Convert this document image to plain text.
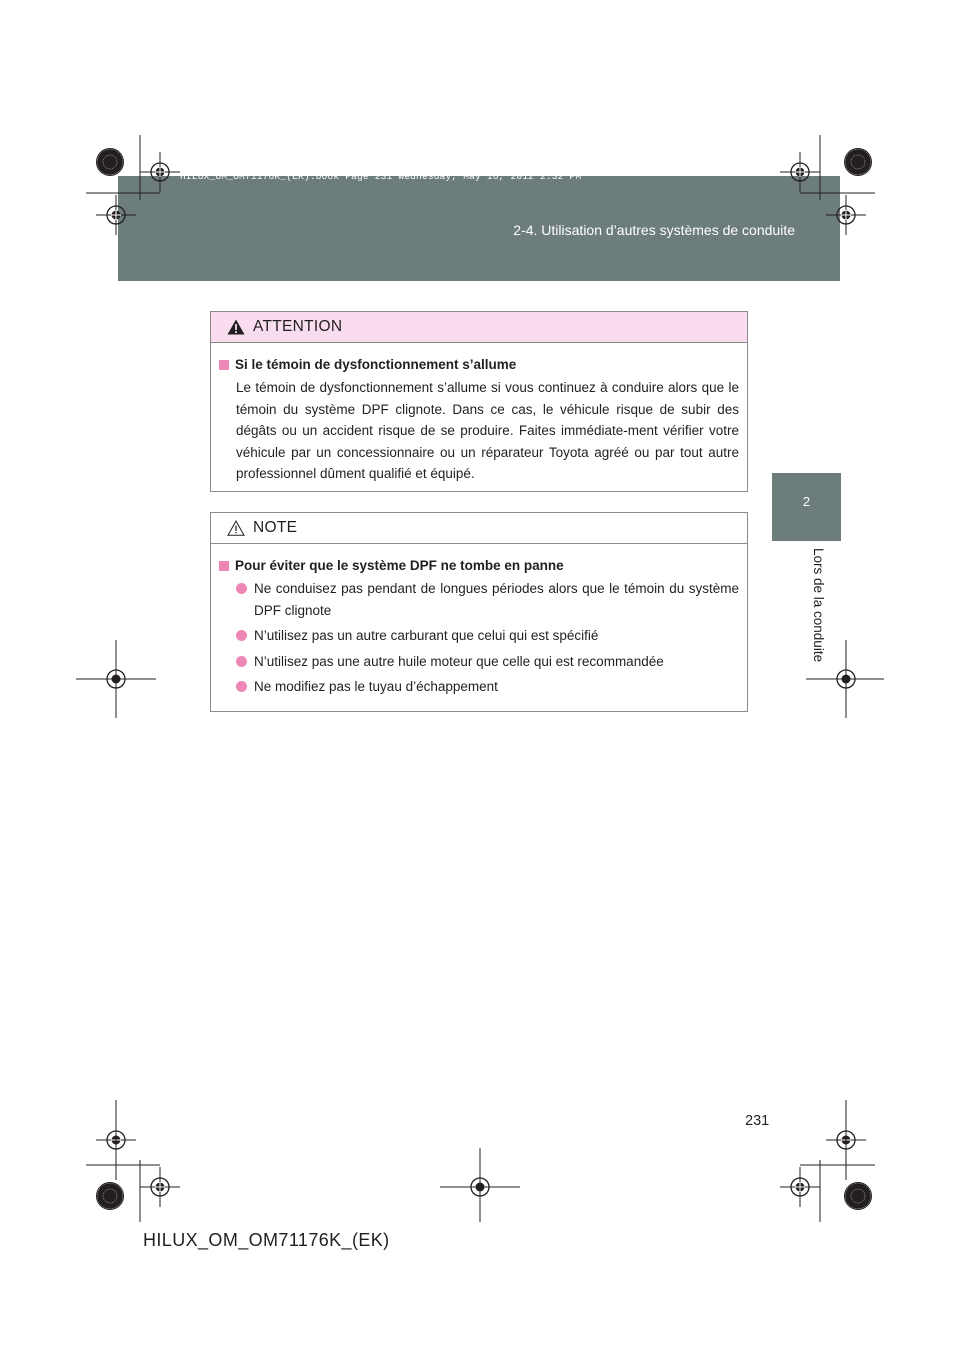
HILUX_OM_OM71176K_(EK).book Page 231 Wednesday, May 16, 2012 2:32 PM
2-4. Utilisation d’autres systèmes de conduite
2
Lors de la conduite
ATTENTION
Si le témoin de dysfonctionnement s’allume
Le témoin de dysfonctionnement s’allume si vous continuez à conduire alors que le témoin du système DPF clignote. Dans ce cas, le véhicule risque de subir des dégâts ou un accident risque de se produire. Faites immédiate-ment vérifier votre véhicule par un concessionnaire ou un réparateur Toyota agréé ou par tout autre professionnel dûment qualifié et équipé.
NOTE
Pour éviter que le système DPF ne tombe en panne
Ne conduisez pas pendant de longues périodes alors que le témoin du système DPF clignote
N’utilisez pas un autre carburant que celui qui est spécifié
N’utilisez pas une autre huile moteur que celle qui est recommandée
Ne modifiez pas le tuyau d’échappement
231
HILUX_OM_OM71176K_(EK)
